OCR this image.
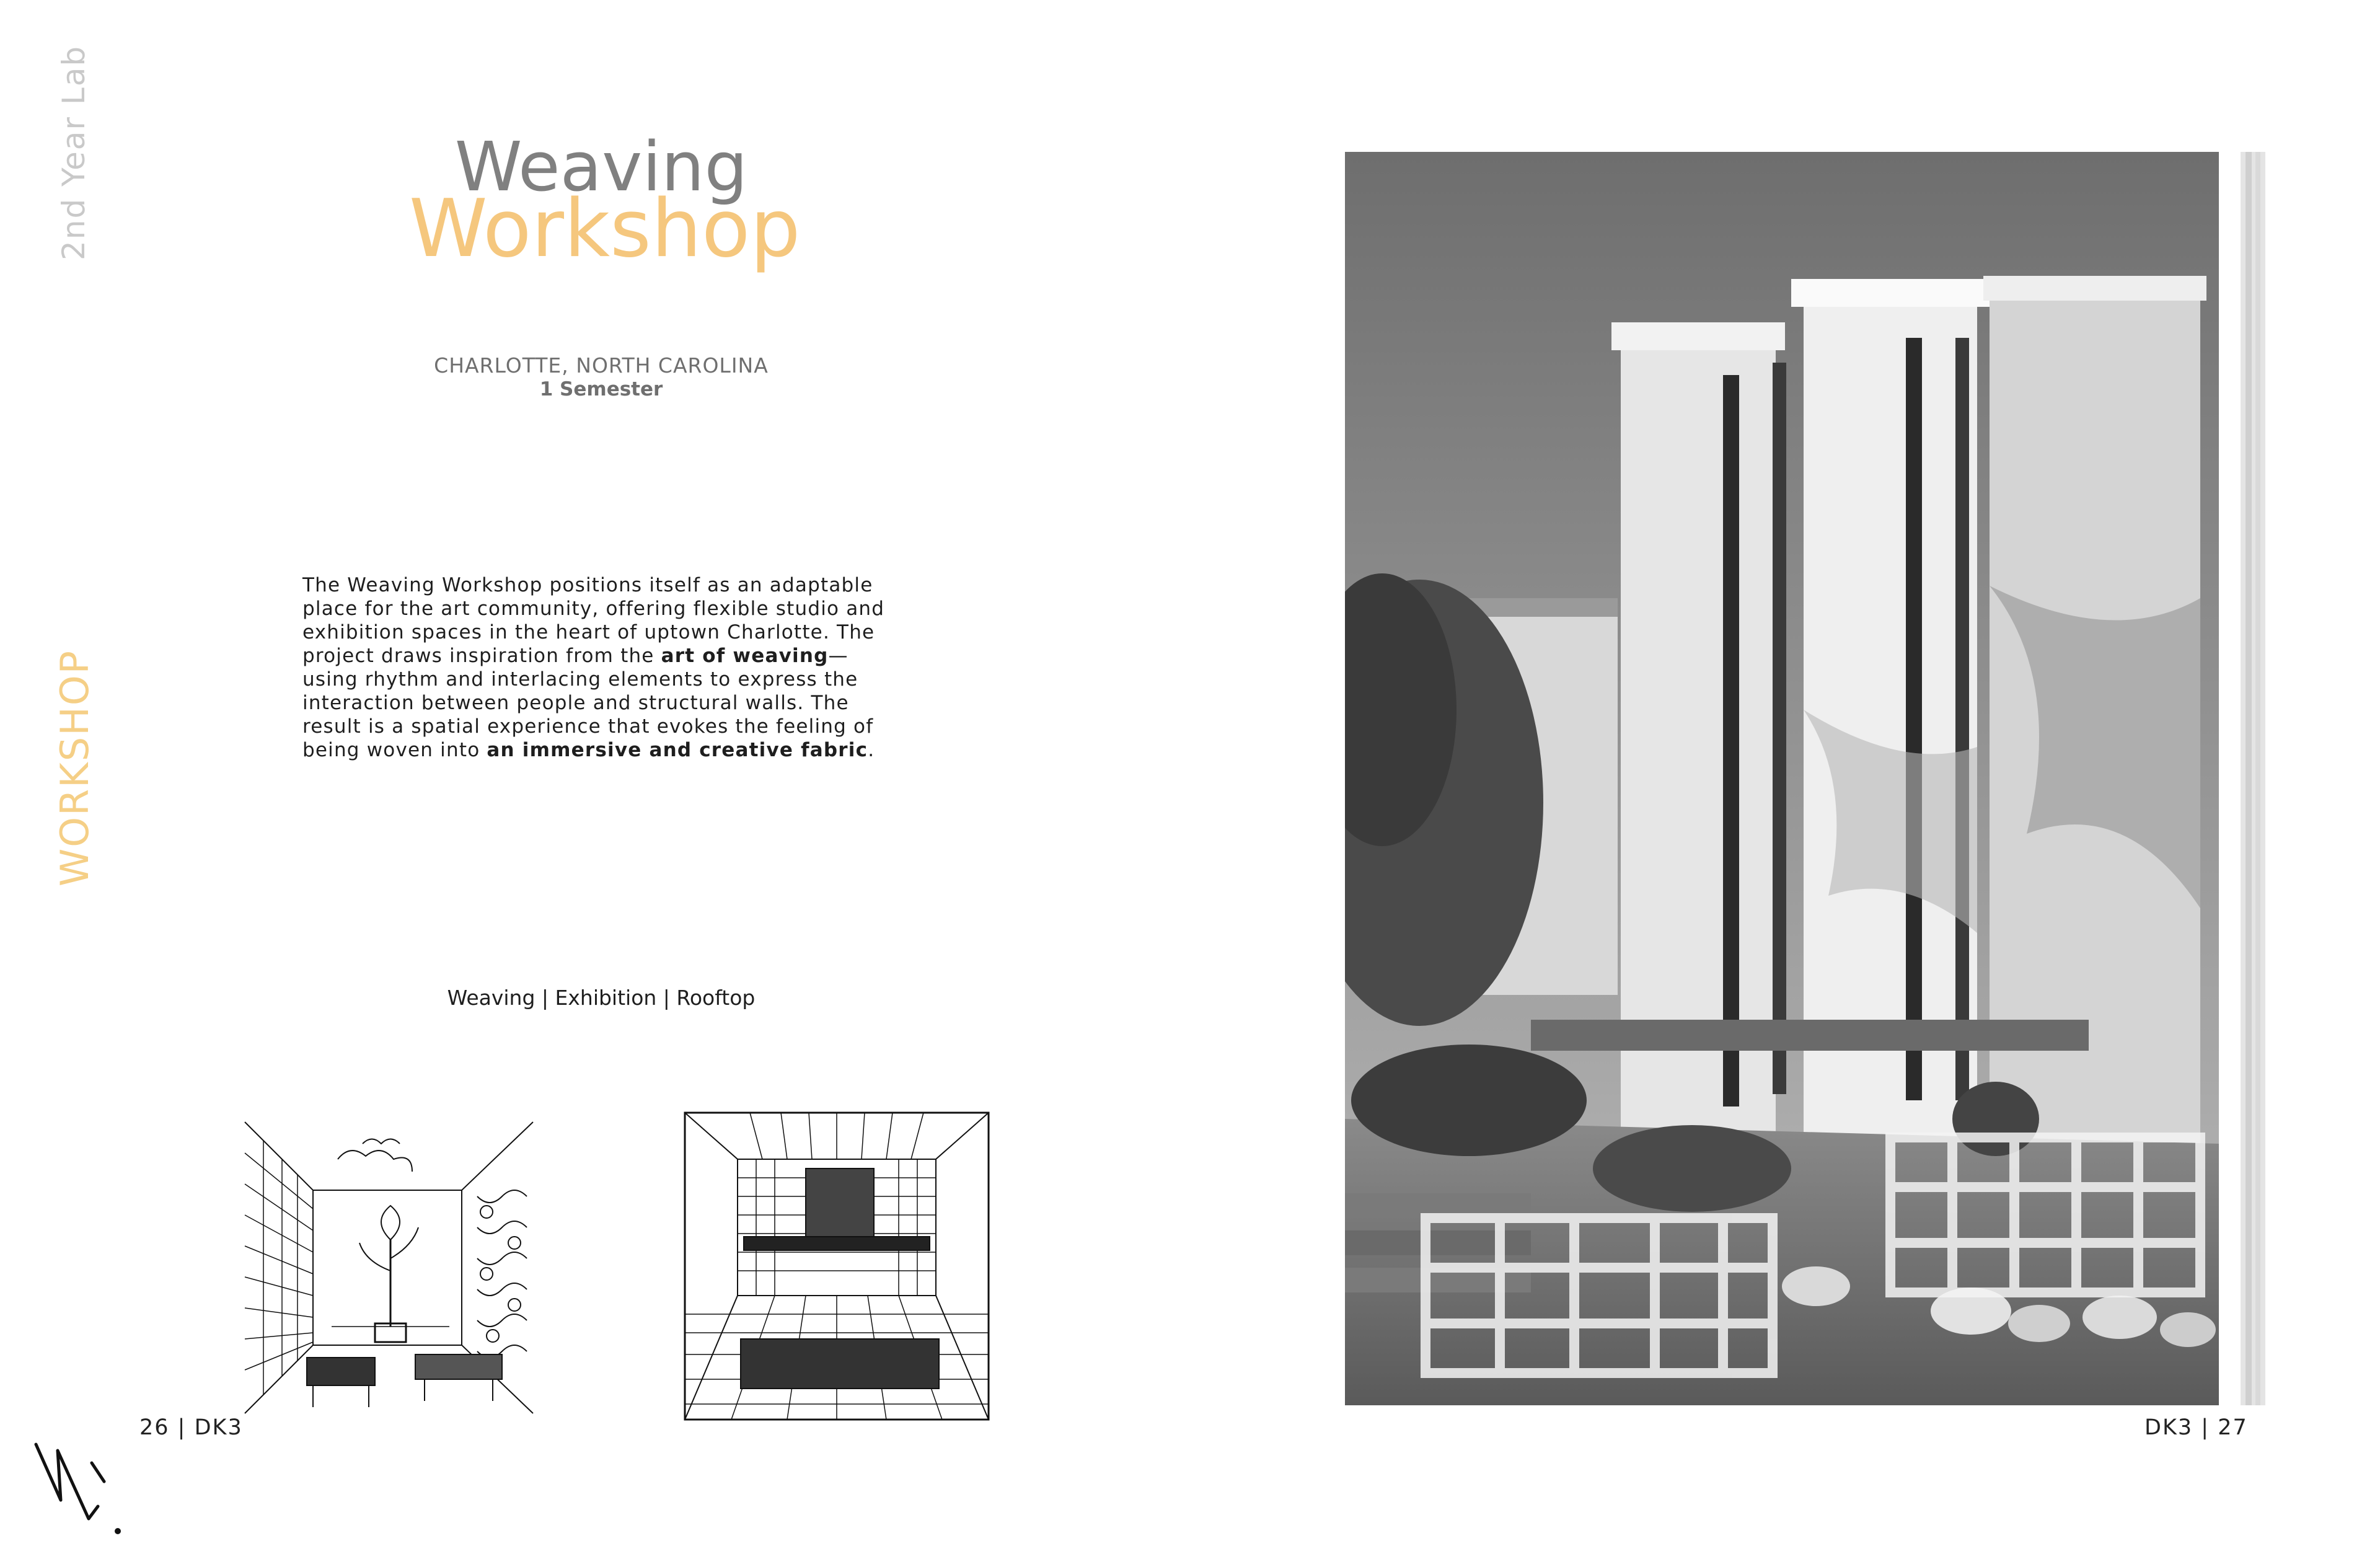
2nd Year Lab
WORKSHOP
Weaving
Workshop
CHARLOTTE, NORTH CAROLINA
1 Semester
The Weaving Workshop positions itself as an adaptable place for the art community, offering flexible studio and exhibition spaces in the heart of uptown Charlotte. The project draws inspiration from the art of weaving— using rhythm and interlacing elements to express the interaction between people and structural walls. The result is a spatial experience that evokes the feeling of being woven into an immersive and creative fabric.
Weaving | Exhibition | Rooftop
26 | DK3	DK3 | 27
